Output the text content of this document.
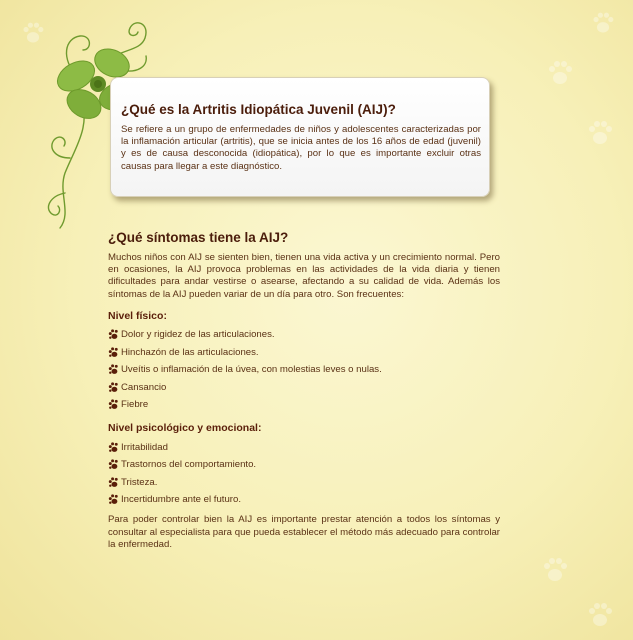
¿Qué es la Artritis Idiopática Juvenil (AIJ)?

Se refiere a un grupo de enfermedades de niños y adolescentes caracterizadas por la inflamación articular (artritis), que se inicia antes de los 16 años de edad (juvenil) y es de causa desconocida (idiopática), por lo que es importante excluir otras causas para llegar a este diagnóstico.

¿Qué síntomas tiene la AIJ?

Muchos niños con AIJ se sienten bien, tienen una vida activa y un crecimiento normal. Pero en ocasiones, la AIJ provoca problemas en las actividades de la vida diaria y tienen dificultades para andar vestirse o asearse, afectando a su calidad de vida. Además los síntomas de la AIJ pueden variar de un día para otro. Son frecuentes:

Nivel físico:
Dolor y rigidez de las articulaciones.
Hinchazón de las articulaciones.
Uveítis o inflamación de la úvea, con molestias leves o nulas.
Cansancio
Fiebre
Nivel psicológico y emocional:
Irritabilidad
Trastornos del comportamiento.
Tristeza.
Incertidumbre ante el futuro.

Para poder controlar bien la AIJ es importante prestar atención a todos los síntomas y consultar al especialista para que pueda establecer el método más adecuado para controlar la enfermedad.
